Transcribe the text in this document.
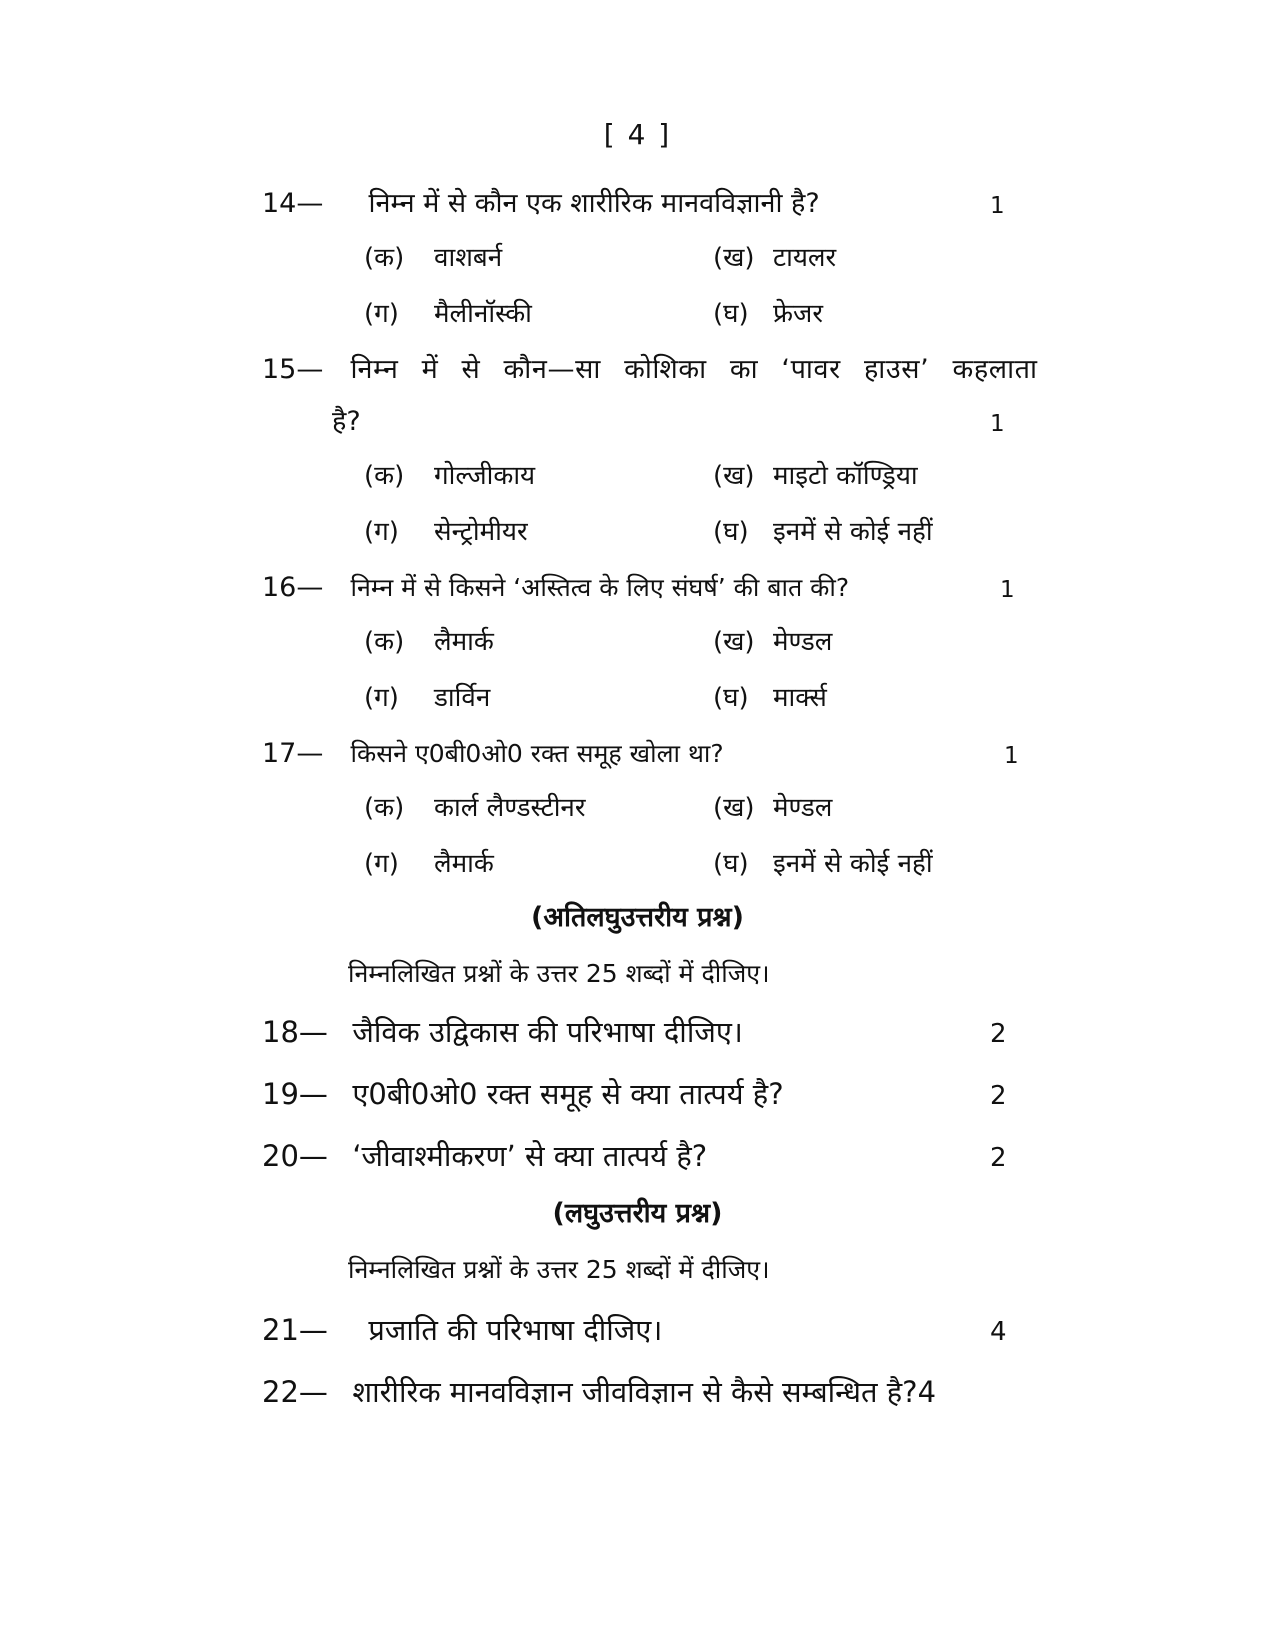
[ 4 ]
14— निम्न में से कौन एक शारीरिक मानवविज्ञानी है?	1
(क) वाशबर्न	(ख) टायलर
(ग) मैलीनॉस्की	(घ) फ्रेजर
15— निम्न में से कौन—सा कोशिका का ‘पावर हाउस’ कहलाता
है?	1
(क) गोल्जीकाय	(ख) माइटो कॉण्ड्रिया
(ग) सेन्ट्रोमीयर	(घ) इनमें से कोई नहीं
16— निम्न में से किसने ‘अस्तित्व के लिए संघर्ष’ की बात की?	1
(क) लैमार्क	(ख) मेण्डल
(ग) डार्विन	(घ) मार्क्स
17— किसने ए0बी0ओ0 रक्त समूह खोला था?	1
(क) कार्ल लैण्डस्टीनर	(ख) मेण्डल
(ग) लैमार्क	(घ) इनमें से कोई नहीं
(अतिलघुउत्तरीय प्रश्न)
निम्नलिखित प्रश्नों के उत्तर 25 शब्दों में दीजिए।
18— जैविक उद्विकास की परिभाषा दीजिए।	2
19— ए0बी0ओ0 रक्त समूह से क्या तात्पर्य है?	2
20— ‘जीवाश्मीकरण’ से क्या तात्पर्य है?	2
(लघुउत्तरीय प्रश्न)
निम्नलिखित प्रश्नों के उत्तर 25 शब्दों में दीजिए।
21— प्रजाति की परिभाषा दीजिए।	4
22— शारीरिक मानवविज्ञान जीवविज्ञान से कैसे सम्बन्धित है?4
